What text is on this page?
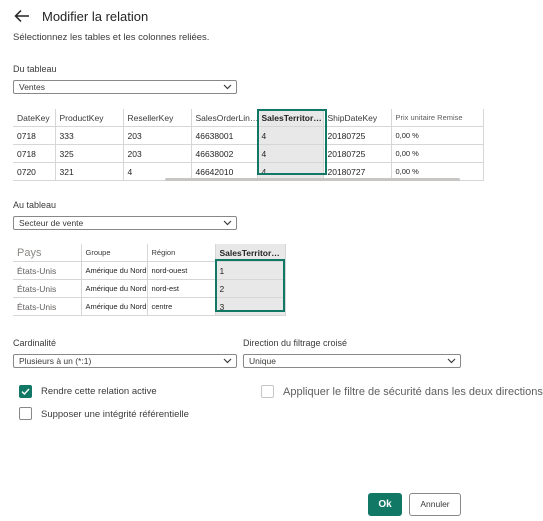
Modifier la relation
Sélectionnez les tables et les colonnes reliées.
Du tableau
Ventes
DateKey	ProductKey	ResellerKey	SalesOrderLin…	SalesTerritor…	ShipDateKey	Prix unitaire Remise
0718	333	203	46638001	4	20180725	0,00 %
0718	325	203	46638002	4	20180725	0,00 %
0720	321	4	46642010	4	20180727	0,00 %
Au tableau
Secteur de vente
Pays	Groupe	Région	SalesTerritor…
États-Unis	Amérique du Nord	nord-ouest	1
États-Unis	Amérique du Nord	nord-est	2
États-Unis	Amérique du Nord	centre	3
Cardinalité
Plusieurs à un (*:1)
Direction du filtrage croisé
Unique
Rendre cette relation active
Supposer une intégrité référentielle
Appliquer le filtre de sécurité dans les deux directions
Ok	Annuler
